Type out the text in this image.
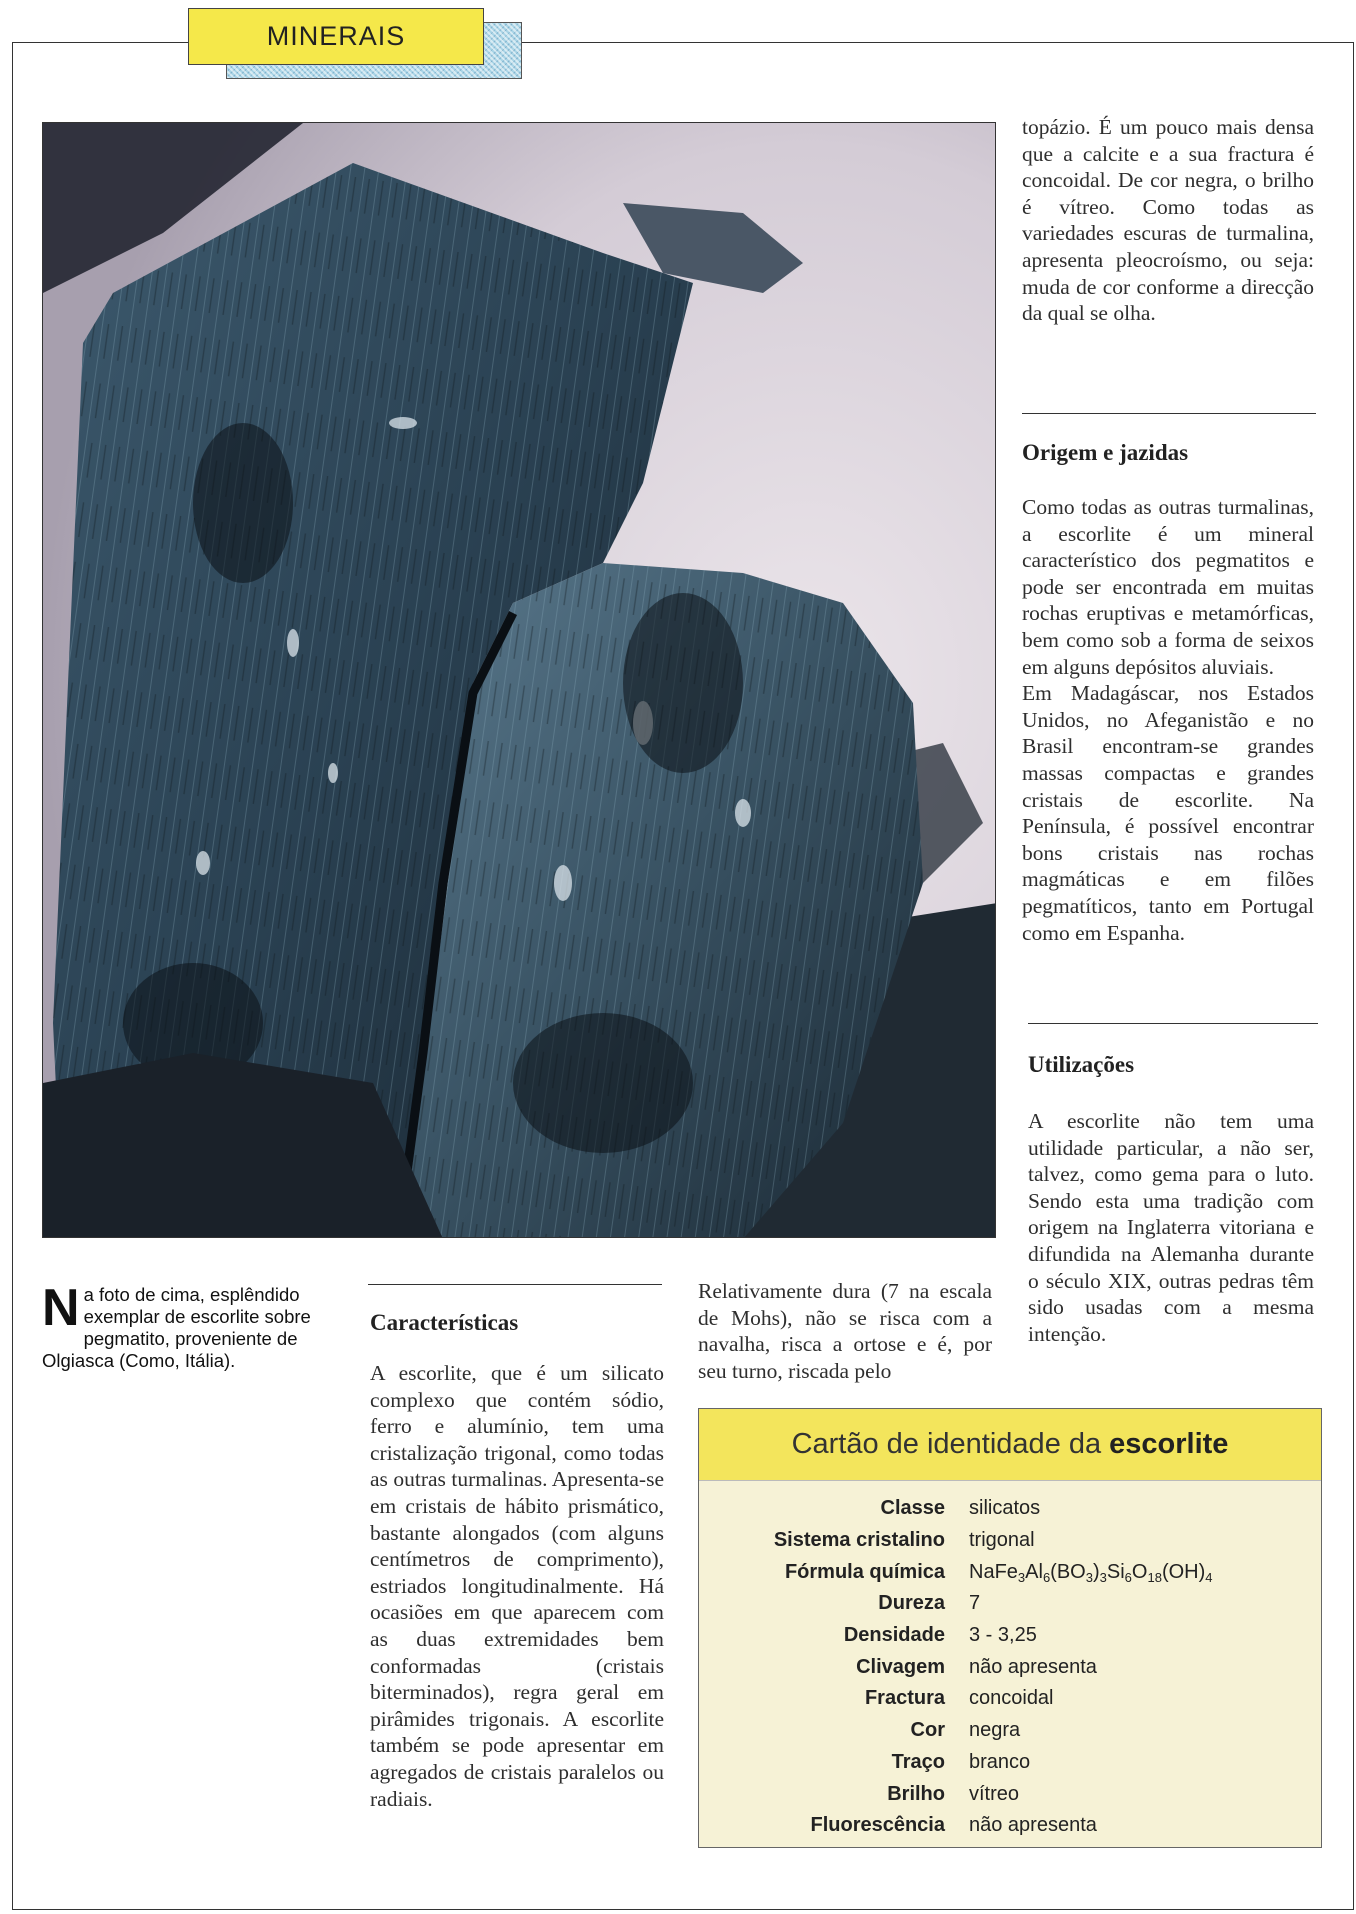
MINERAIS

topázio. É um pouco mais densa que a calcite e a sua fractura é concoidal. De cor negra, o brilho é vítreo. Como todas as variedades escuras de turmalina, apresenta pleocroísmo, ou seja: muda de cor conforme a direcção da qual se olha.

Origem e jazidas

Como todas as outras turmalinas, a escorlite é um mineral característico dos pegmatitos e pode ser encontrada em muitas rochas eruptivas e metamórficas, bem como sob a forma de seixos em alguns depósitos aluviais.

Em Madagáscar, nos Estados Unidos, no Afeganistão e no Brasil encontram-se grandes massas compactas e grandes cristais de escorlite. Na Península, é possível encontrar bons cristais nas rochas magmáticas e em filões pegmatíticos, tanto em Portugal como em Espanha.

Utilizações

A escorlite não tem uma utilidade particular, a não ser, talvez, como gema para o luto. Sendo esta uma tradição com origem na Inglaterra vitoriana e difundida na Alemanha durante o século XIX, outras pedras têm sido usadas com a mesma intenção.

Na foto de cima, esplêndido exemplar de escorlite sobre pegmatito, proveniente de Olgiasca (Como, Itália).
Características

A escorlite, que é um silicato complexo que contém sódio, ferro e alumínio, tem uma cristalização trigonal, como todas as outras turmalinas. Apresenta-se em cristais de hábito prismático, bastante alongados (com alguns centímetros de comprimento), estriados longitudinalmente. Há ocasiões em que aparecem com as duas extremidades bem conformadas (cristais biterminados), regra geral em pirâmides trigonais. A escorlite também se pode apresentar em agregados de cristais paralelos ou radiais.

Relativamente dura (7 na escala de Mohs), não se risca com a navalha, risca a ortose e é, por seu turno, riscada pelo

Cartão de identidade da escorlite
Classe	silicatos
Sistema cristalino	trigonal
Fórmula química	$NaFe_3Al_6(BO_3)_3Si_6O_{18}(OH)_4$
Dureza	7
Densidade	3 - 3,25
Clivagem	não apresenta
Fractura	concoidal
Cor	negra
Traço	branco
Brilho	vítreo
Fluorescência	não apresenta
